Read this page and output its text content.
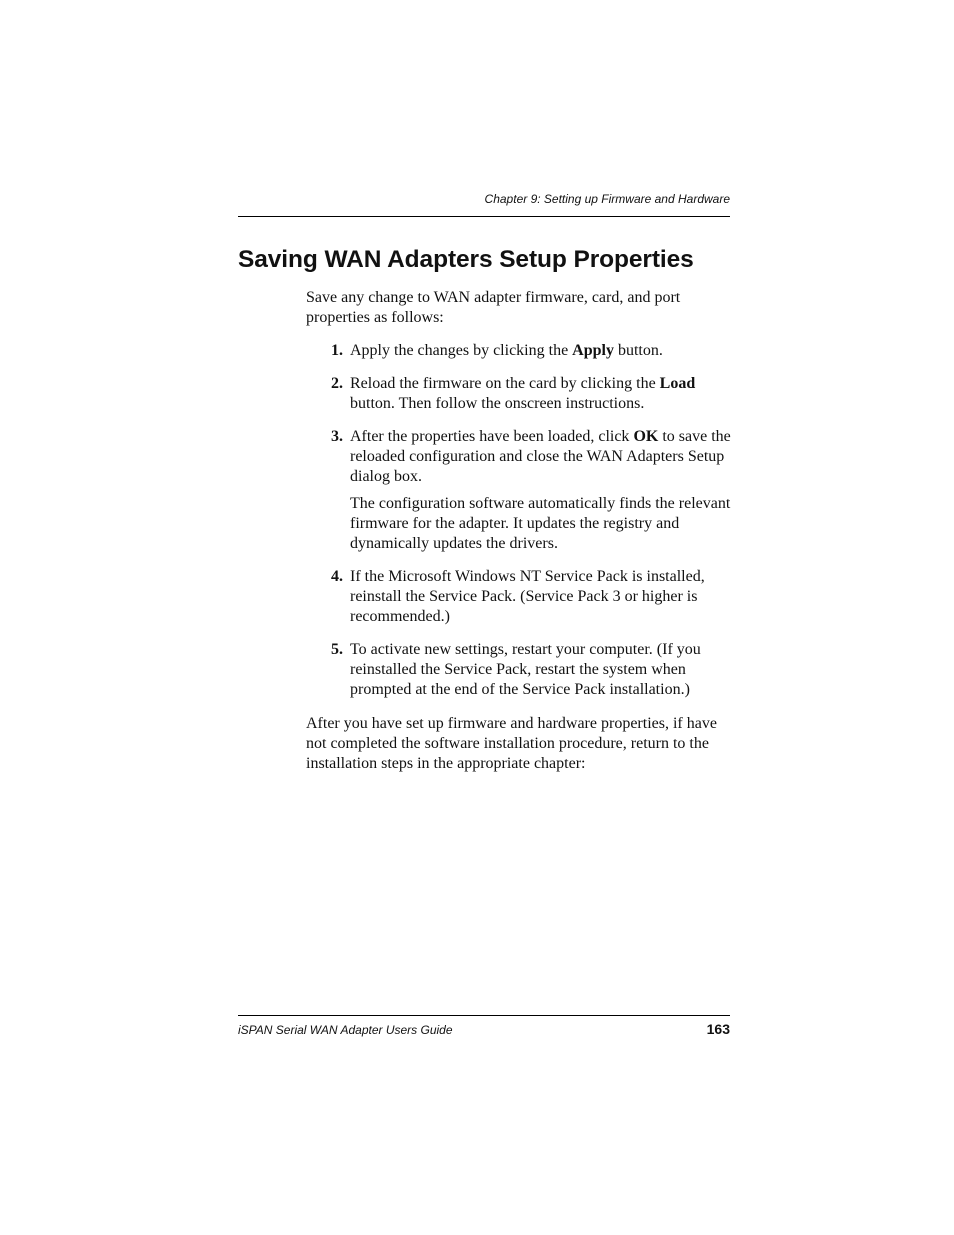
Chapter 9: Setting up Firmware and Hardware
Saving WAN Adapters Setup Properties

Save any change to WAN adapter firmware, card, and port properties as follows:

1. Apply the changes by clicking the Apply button.

2. Reload the firmware on the card by clicking the Load button. Then follow the onscreen instructions.

3. After the properties have been loaded, click OK to save the reloaded configuration and close the WAN Adapters Setup dialog box.

The configuration software automatically finds the relevant firmware for the adapter. It updates the registry and dynamically updates the drivers.

4. If the Microsoft Windows NT Service Pack is installed, reinstall the Service Pack. (Service Pack 3 or higher is recommended.)

5. To activate new settings, restart your computer. (If you reinstalled the Service Pack, restart the system when prompted at the end of the Service Pack installation.)

After you have set up firmware and hardware properties, if have not completed the software installation procedure, return to the installation steps in the appropriate chapter:

iSPAN Serial WAN Adapter Users Guide	163
